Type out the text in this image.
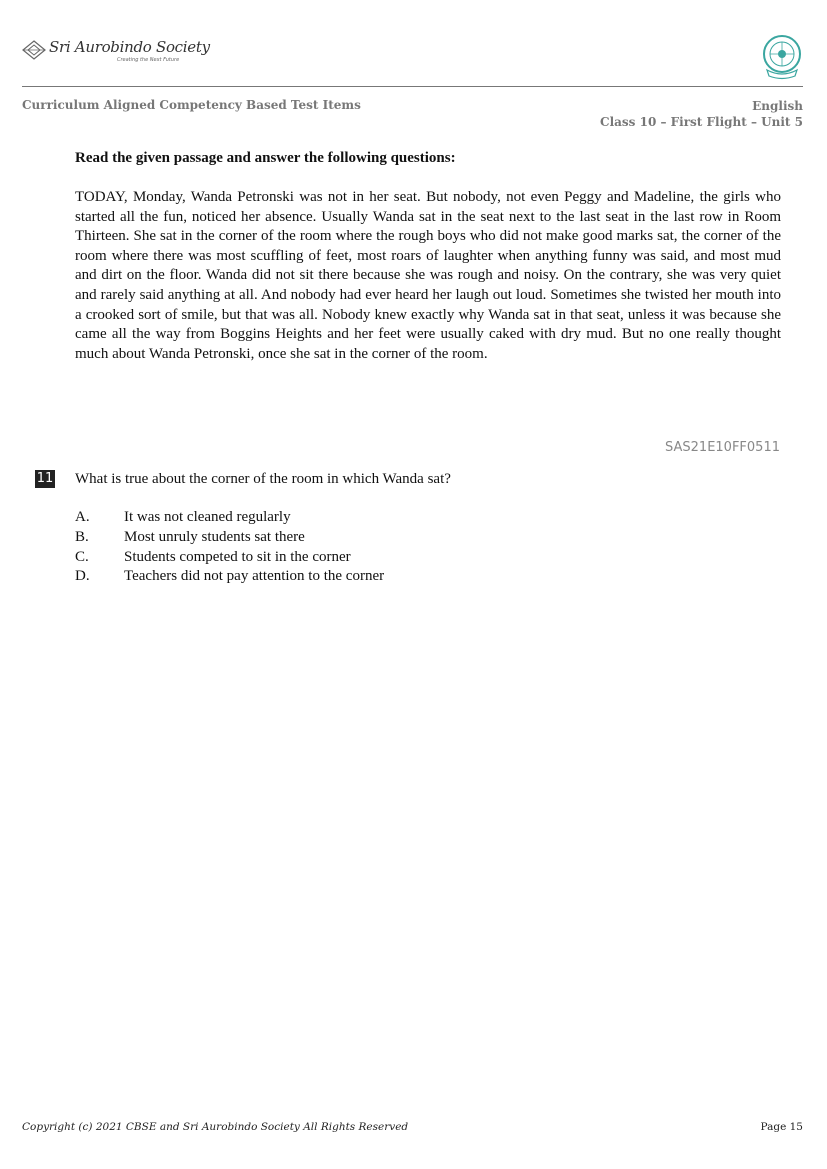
Sri Aurobindo Society
Creating the Next Future
Curriculum Aligned Competency Based Test Items	English
Class 10 – First Flight – Unit 5
Read the given passage and answer the following questions:

TODAY, Monday, Wanda Petronski was not in her seat. But nobody, not even Peggy and Madeline, the girls who started all the fun, noticed her absence. Usually Wanda sat in the seat next to the last seat in the last row in Room Thirteen. She sat in the corner of the room where the rough boys who did not make good marks sat, the corner of the room where there was most scuffling of feet, most roars of laughter when anything funny was said, and most mud and dirt on the floor. Wanda did not sit there because she was rough and noisy. On the contrary, she was very quiet and rarely said anything at all. And nobody had ever heard her laugh out loud. Sometimes she twisted her mouth into a crooked sort of smile, but that was all. Nobody knew exactly why Wanda sat in that seat, unless it was because she came all the way from Boggins Heights and her feet were usually caked with dry mud. But no one really thought much about Wanda Petronski, once she sat in the corner of the room.

SAS21E10FF0511
11 What is true about the corner of the room in which Wanda sat?
A. It was not cleaned regularly
B. Most unruly students sat there
C. Students competed to sit in the corner
D. Teachers did not pay attention to the corner
Copyright (c) 2021 CBSE and Sri Aurobindo Society All Rights Reserved	Page 15
